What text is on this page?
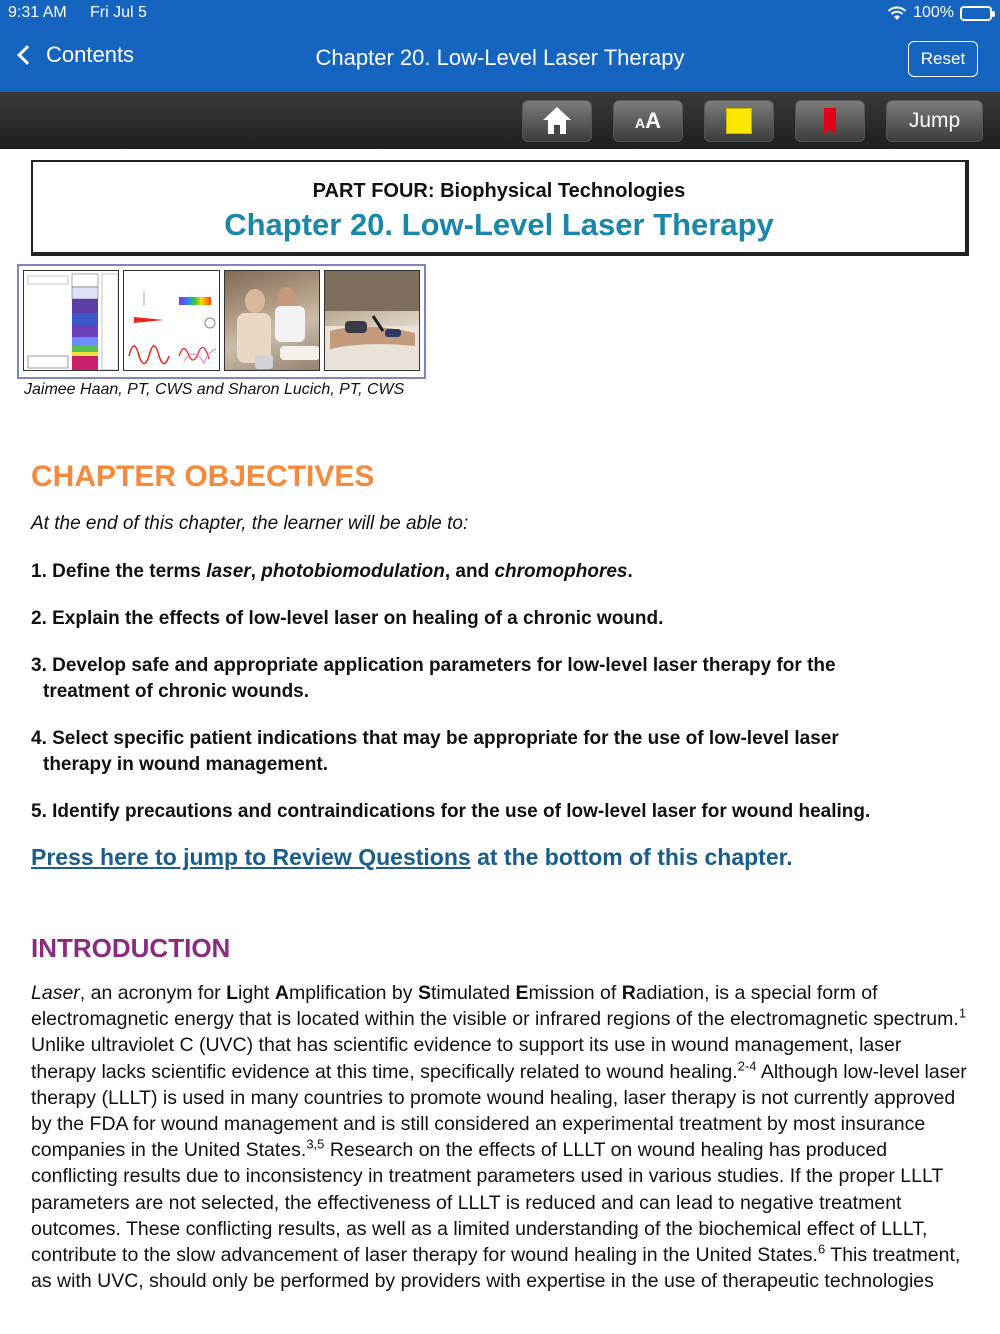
9:31 AM Fri Jul 5	100%
Contents	Chapter 20. Low-Level Laser Therapy	Reset
AA	Jump
PART FOUR: Biophysical Technologies
Chapter 20. Low-Level Laser Therapy
Jaimee Haan, PT, CWS and Sharon Lucich, PT, CWS
CHAPTER OBJECTIVES
At the end of this chapter, the learner will be able to:
1. Define the terms laser, photobiomodulation, and chromophores.
2. Explain the effects of low-level laser on healing of a chronic wound.
3. Develop safe and appropriate application parameters for low-level laser therapy for the
treatment of chronic wounds.
4. Select specific patient indications that may be appropriate for the use of low-level laser
therapy in wound management.
5. Identify precautions and contraindications for the use of low-level laser for wound healing.
Press here to jump to Review Questions at the bottom of this chapter.
INTRODUCTION
Laser, an acronym for Light Amplification by Stimulated Emission of Radiation, is a special form of electromagnetic energy that is located within the visible or infrared regions of the electromagnetic spectrum.$^1$ Unlike ultraviolet C (UVC) that has scientific evidence to support its use in wound management, laser therapy lacks scientific evidence at this time, specifically related to wound healing.$^{2-4}$ Although low-level laser therapy (LLLT) is used in many countries to promote wound healing, laser therapy is not currently approved by the FDA for wound management and is still considered an experimental treatment by most insurance companies in the United States.$^{3,5}$ Research on the effects of LLLT on wound healing has produced conflicting results due to inconsistency in treatment parameters used in various studies. If the proper LLLT parameters are not selected, the effectiveness of LLLT is reduced and can lead to negative treatment outcomes. These conflicting results, as well as a limited understanding of the biochemical effect of LLLT, contribute to the slow advancement of laser therapy for wound healing in the United States.$^6$ This treatment, as with UVC, should only be performed by providers with expertise in the use of therapeutic technologies
